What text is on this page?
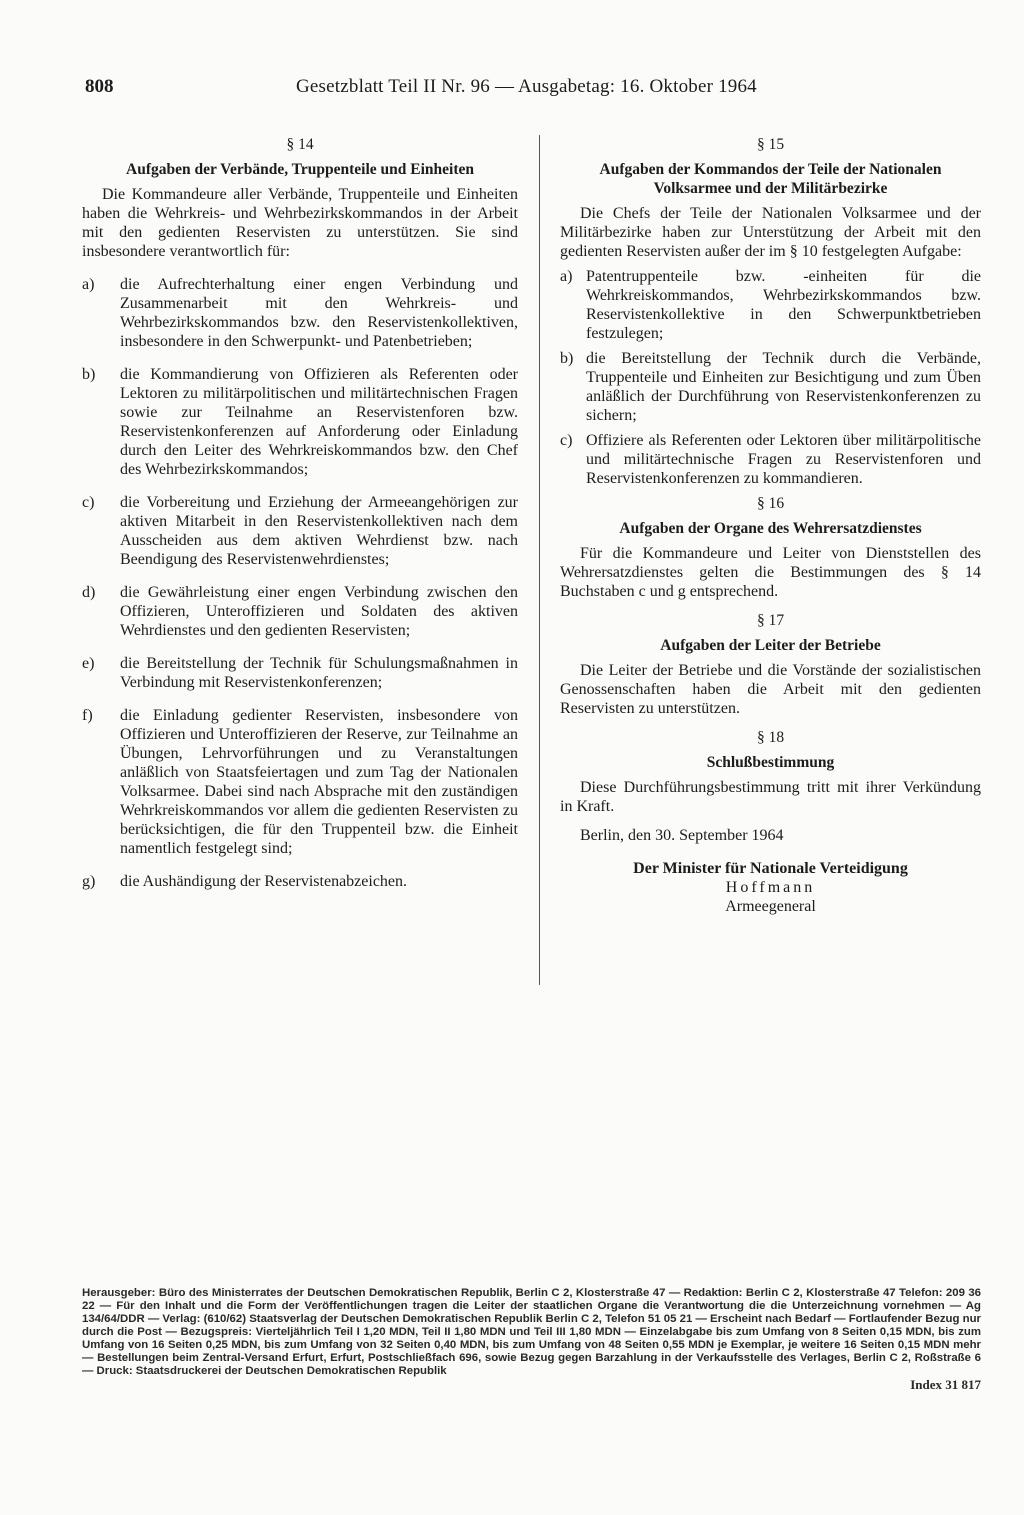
808	Gesetzblatt Teil II Nr. 96 — Ausgabetag: 16. Oktober 1964
§ 14
Aufgaben der Verbände, Truppenteile und Einheiten

Die Kommandeure aller Verbände, Truppenteile und Einheiten haben die Wehrkreis- und Wehrbezirkskommandos in der Arbeit mit den gedienten Reservisten zu unterstützen. Sie sind insbesondere verantwortlich für:

a) die Aufrechterhaltung einer engen Verbindung und Zusammenarbeit mit den Wehrkreis- und Wehrbezirkskommandos bzw. den Reservistenkollektiven, insbesondere in den Schwerpunkt- und Patenbetrieben;
b) die Kommandierung von Offizieren als Referenten oder Lektoren zu militärpolitischen und militärtechnischen Fragen sowie zur Teilnahme an Reservistenforen bzw. Reservistenkonferenzen auf Anforderung oder Einladung durch den Leiter des Wehrkreiskommandos bzw. den Chef des Wehrbezirkskommandos;
c) die Vorbereitung und Erziehung der Armeeangehörigen zur aktiven Mitarbeit in den Reservistenkollektiven nach dem Ausscheiden aus dem aktiven Wehrdienst bzw. nach Beendigung des Reservistenwehrdienstes;
d) die Gewährleistung einer engen Verbindung zwischen den Offizieren, Unteroffizieren und Soldaten des aktiven Wehrdienstes und den gedienten Reservisten;
e) die Bereitstellung der Technik für Schulungsmaßnahmen in Verbindung mit Reservistenkonferenzen;
f) die Einladung gedienter Reservisten, insbesondere von Offizieren und Unteroffizieren der Reserve, zur Teilnahme an Übungen, Lehrvorführungen und zu Veranstaltungen anläßlich von Staatsfeiertagen und zum Tag der Nationalen Volksarmee. Dabei sind nach Absprache mit den zuständigen Wehrkreiskommandos vor allem die gedienten Reservisten zu berücksichtigen, die für den Truppenteil bzw. die Einheit namentlich festgelegt sind;
g) die Aushändigung der Reservistenabzeichen.
§ 15
Aufgaben der Kommandos der Teile der Nationalen Volksarmee und der Militärbezirke

Die Chefs der Teile der Nationalen Volksarmee und der Militärbezirke haben zur Unterstützung der Arbeit mit den gedienten Reservisten außer der im § 10 festgelegten Aufgabe:

a) Patentruppenteile bzw. -einheiten für die Wehrkreiskommandos, Wehrbezirkskommandos bzw. Reservistenkollektive in den Schwerpunktbetrieben festzulegen;
b) die Bereitstellung der Technik durch die Verbände, Truppenteile und Einheiten zur Besichtigung und zum Üben anläßlich der Durchführung von Reservistenkonferenzen zu sichern;
c) Offiziere als Referenten oder Lektoren über militärpolitische und militärtechnische Fragen zu Reservistenforen und Reservistenkonferenzen zu kommandieren.
§ 16
Aufgaben der Organe des Wehrersatzdienstes

Für die Kommandeure und Leiter von Dienststellen des Wehrersatzdienstes gelten die Bestimmungen des § 14 Buchstaben c und g entsprechend.

§ 17
Aufgaben der Leiter der Betriebe

Die Leiter der Betriebe und die Vorstände der sozialistischen Genossenschaften haben die Arbeit mit den gedienten Reservisten zu unterstützen.

§ 18
Schlußbestimmung

Diese Durchführungsbestimmung tritt mit ihrer Verkündung in Kraft.

Berlin, den 30. September 1964

Der Minister für Nationale Verteidigung
Hoffmann
Armeegeneral
Herausgeber: Büro des Ministerrates der Deutschen Demokratischen Republik, Berlin C 2, Klosterstraße 47 — Redaktion: Berlin C 2, Klosterstraße 47 Telefon: 209 36 22 — Für den Inhalt und die Form der Veröffentlichungen tragen die Leiter der staatlichen Organe die Verantwortung die die Unterzeichnung vornehmen — Ag 134/64/DDR — Verlag: (610/62) Staatsverlag der Deutschen Demokratischen Republik Berlin C 2, Telefon 51 05 21 — Erscheint nach Bedarf — Fortlaufender Bezug nur durch die Post — Bezugspreis: Vierteljährlich Teil I 1,20 MDN, Teil II 1,80 MDN und Teil III 1,80 MDN — Einzelabgabe bis zum Umfang von 8 Seiten 0,15 MDN, bis zum Umfang von 16 Seiten 0,25 MDN, bis zum Umfang von 32 Seiten 0,40 MDN, bis zum Umfang von 48 Seiten 0,55 MDN je Exemplar, je weitere 16 Seiten 0,15 MDN mehr — Bestellungen beim Zentral-Versand Erfurt, Erfurt, Postschließfach 696, sowie Bezug gegen Barzahlung in der Verkaufsstelle des Verlages, Berlin C 2, Roßstraße 6 — Druck: Staatsdruckerei der Deutschen Demokratischen Republik
Index 31 817
